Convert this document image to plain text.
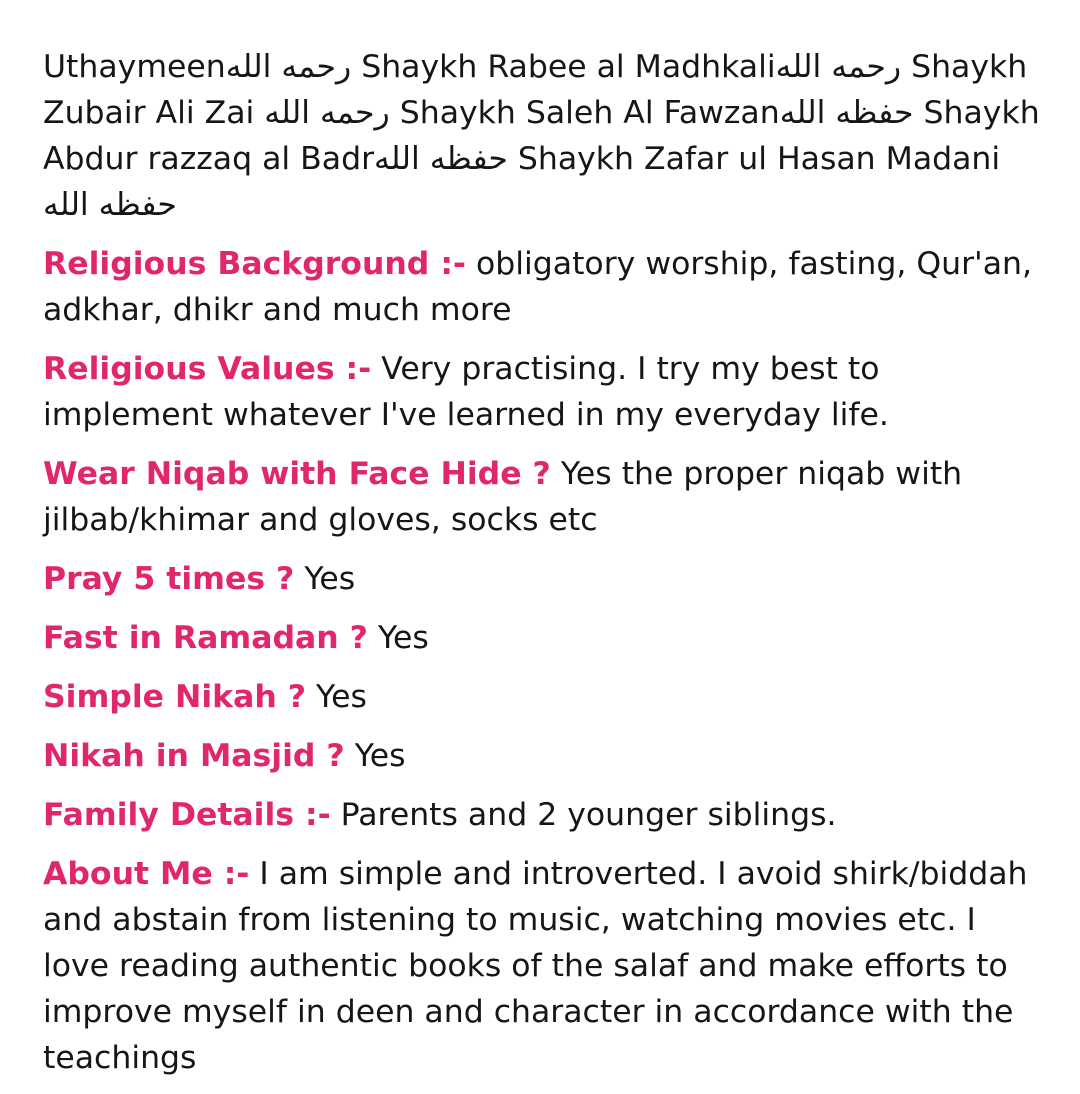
Uthaymeenرحمه الله Shaykh Rabee al Madhkaliرحمه الله Shaykh Zubair Ali Zai رحمه الله Shaykh Saleh Al Fawzanحفظه الله Shaykh Abdur razzaq al Badrحفظه الله Shaykh Zafar ul Hasan Madani حفظه الله

Religious Background :- obligatory worship, fasting, Qur'an, adkhar, dhikr and much more

Religious Values :- Very practising. I try my best to implement whatever I've learned in my everyday life.

Wear Niqab with Face Hide ? Yes the proper niqab with jilbab/khimar and gloves, socks etc

Pray 5 times ? Yes

Fast in Ramadan ? Yes

Simple Nikah ? Yes

Nikah in Masjid ? Yes

Family Details :- Parents and 2 younger siblings.

About Me :- I am simple and introverted. I avoid shirk/biddah and abstain from listening to music, watching movies etc. I love reading authentic books of the salaf and make efforts to improve myself in deen and character in accordance with the teachings
